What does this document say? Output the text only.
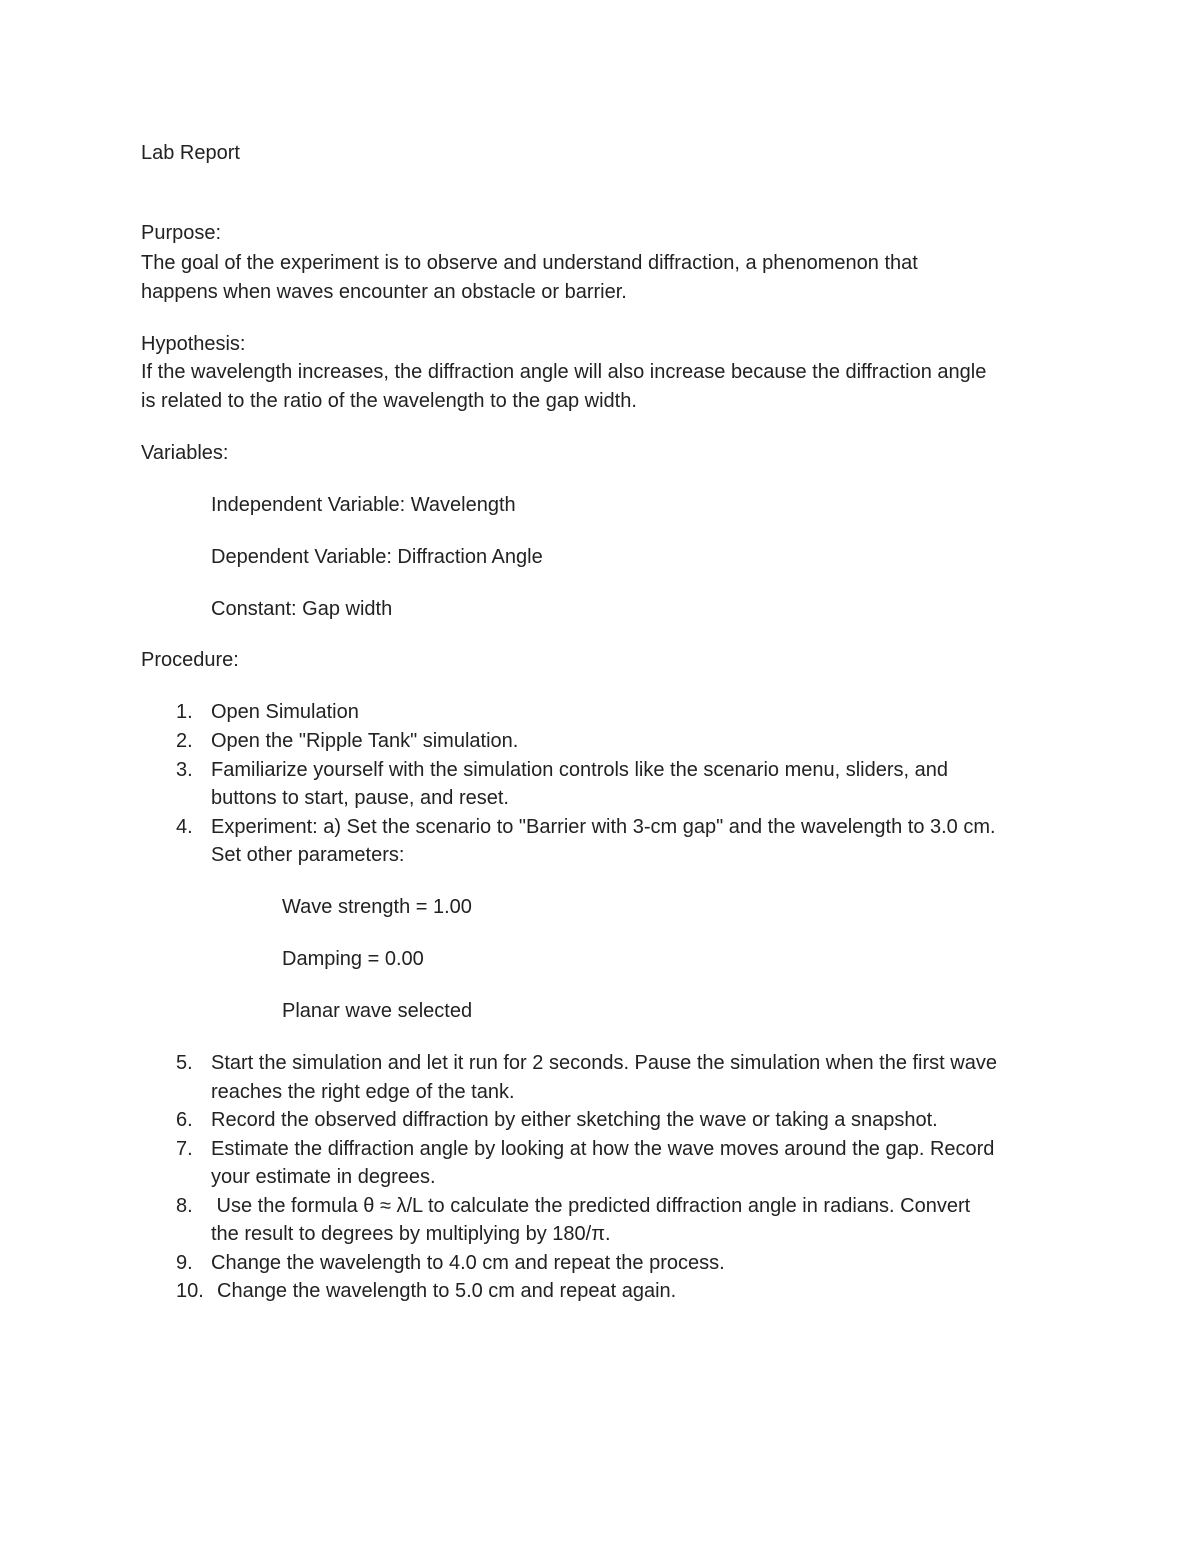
Lab Report
Purpose:
The goal of the experiment is to observe and understand diffraction, a phenomenon that
happens when waves encounter an obstacle or barrier.
Hypothesis:
If the wavelength increases, the diffraction angle will also increase because the diffraction angle
is related to the ratio of the wavelength to the gap width.
Variables:
Independent Variable: Wavelength
Dependent Variable: Diffraction Angle
Constant: Gap width
Procedure:
1. Open Simulation
2. Open the "Ripple Tank" simulation.
3. Familiarize yourself with the simulation controls like the scenario menu, sliders, and
buttons to start, pause, and reset.
4. Experiment: a) Set the scenario to "Barrier with 3-cm gap" and the wavelength to 3.0 cm.
Set other parameters:
Wave strength = 1.00
Damping = 0.00
Planar wave selected
5. Start the simulation and let it run for 2 seconds. Pause the simulation when the first wave
reaches the right edge of the tank.
6. Record the observed diffraction by either sketching the wave or taking a snapshot.
7. Estimate the diffraction angle by looking at how the wave moves around the gap. Record
your estimate in degrees.
8. Use the formula θ ≈ λ/L to calculate the predicted diffraction angle in radians. Convert
the result to degrees by multiplying by 180/π.
9. Change the wavelength to 4.0 cm and repeat the process.
10. Change the wavelength to 5.0 cm and repeat again.
